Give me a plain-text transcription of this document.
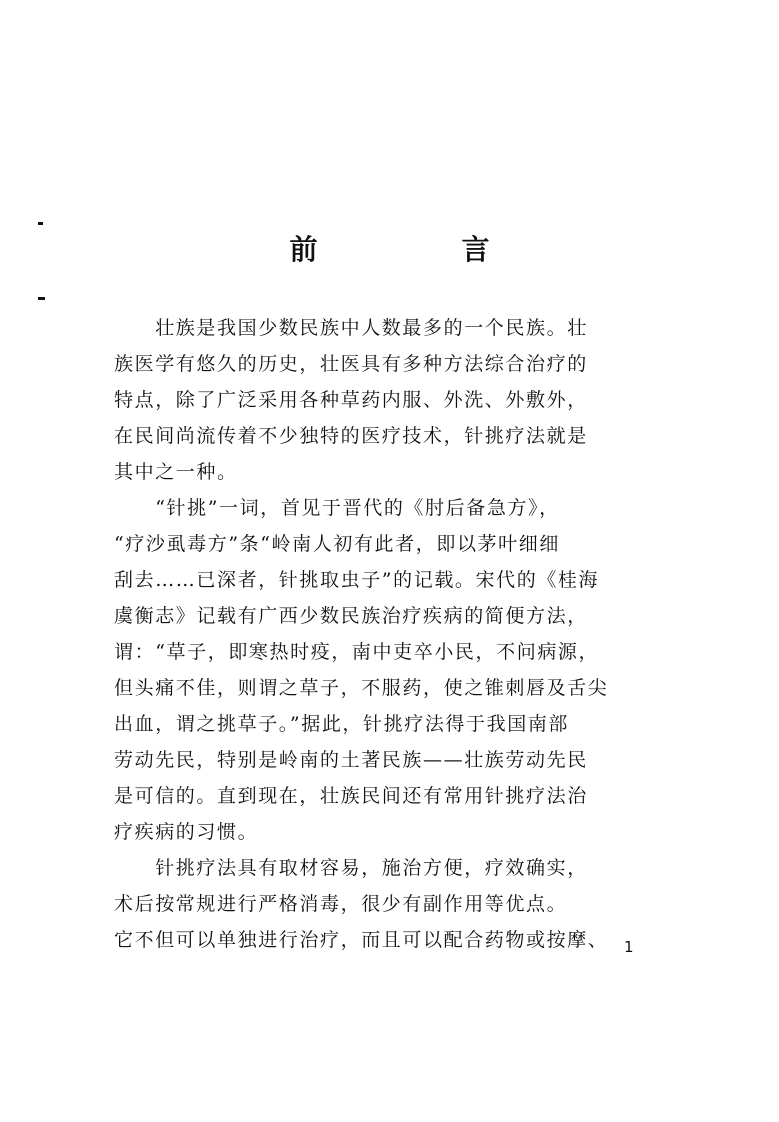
前　言
　　壮族是我国少数民族中人数最多的一个民族。壮
族医学有悠久的历史，壮医具有多种方法综合治疗的
特点，除了广泛采用各种草药内服、外洗、外敷外，
在民间尚流传着不少独特的医疗技术，针挑疗法就是
其中之一种。
　　“针挑”一词，首见于晋代的《肘后备急方》，
“疗沙虱毒方”条“岭南人初有此者，即以茅叶细细
刮去……已深者，针挑取虫子”的记载。宋代的《桂海
虞衡志》记载有广西少数民族治疗疾病的简便方法，
谓：“草子，即寒热时疫，南中吏卒小民，不问病源，
但头痛不佳，则谓之草子，不服药，使之锥刺唇及舌尖
出血，谓之挑草子。”据此，针挑疗法得于我国南部
劳动先民，特别是岭南的土著民族——壮族劳动先民
是可信的。直到现在，壮族民间还有常用针挑疗法治
疗疾病的习惯。
　　针挑疗法具有取材容易，施治方便，疗效确实，
术后按常规进行严格消毒，很少有副作用等优点。
它不但可以单独进行治疗，而且可以配合药物或按摩、	1
